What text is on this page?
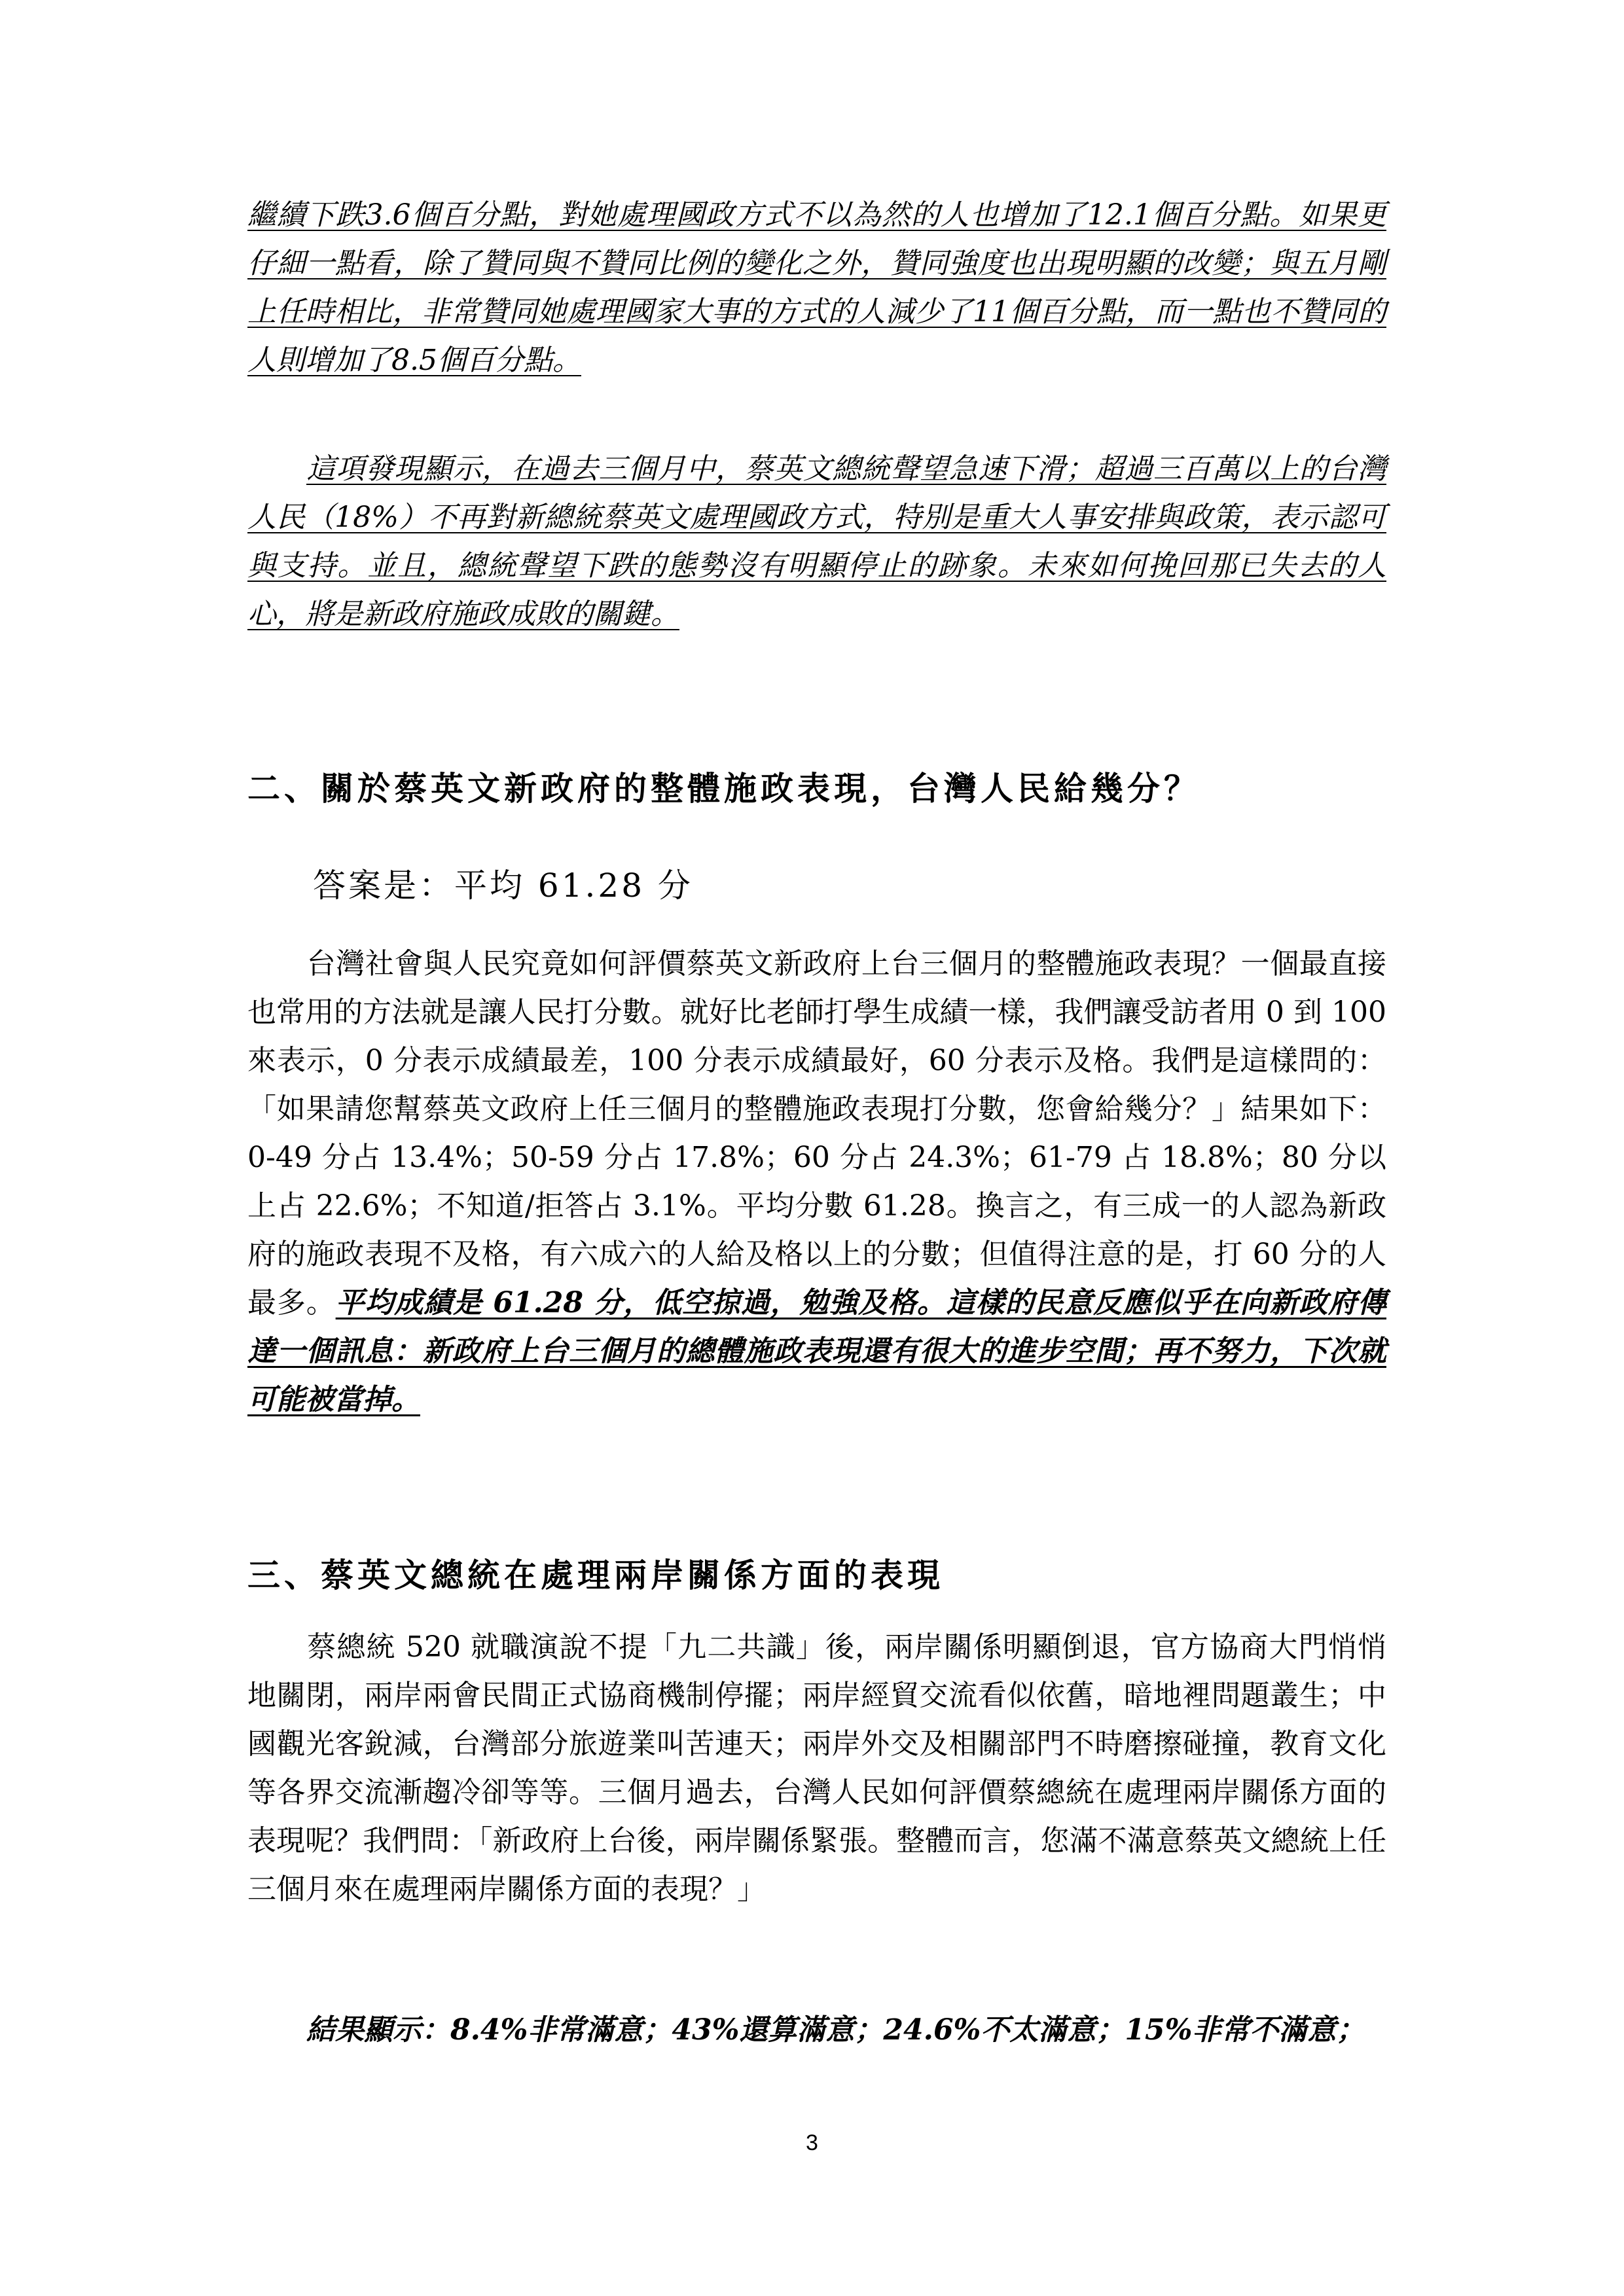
繼續下跌3.6個百分點，對她處理國政方式不以為然的人也增加了12.1個百分點。如果更仔細一點看，除了贊同與不贊同比例的變化之外，贊同強度也出現明顯的改變；與五月剛上任時相比，非常贊同她處理國家大事的方式的人減少了11個百分點，而一點也不贊同的人則增加了8.5個百分點。

這項發現顯示，在過去三個月中，蔡英文總統聲望急速下滑；超過三百萬以上的台灣人民（18%）不再對新總統蔡英文處理國政方式，特別是重大人事安排與政策，表示認可與支持。並且，總統聲望下跌的態勢沒有明顯停止的跡象。未來如何挽回那已失去的人心，將是新政府施政成敗的關鍵。

二、關於蔡英文新政府的整體施政表現，台灣人民給幾分？

答案是：平均 61.28 分

台灣社會與人民究竟如何評價蔡英文新政府上台三個月的整體施政表現？一個最直接也常用的方法就是讓人民打分數。就好比老師打學生成績一樣，我們讓受訪者用 0 到 100 來表示，0 分表示成績最差，100 分表示成績最好，60 分表示及格。我們是這樣問的：「如果請您幫蔡英文政府上任三個月的整體施政表現打分數，您會給幾分？」結果如下：0-49 分占 13.4%；50-59 分占 17.8%；60 分占 24.3%；61-79 占 18.8%；80 分以上占 22.6%；不知道/拒答占 3.1%。平均分數 61.28。換言之，有三成一的人認為新政府的施政表現不及格，有六成六的人給及格以上的分數；但值得注意的是，打 60 分的人最多。平均成績是 61.28 分，低空掠過，勉強及格。這樣的民意反應似乎在向新政府傳達一個訊息：新政府上台三個月的總體施政表現還有很大的進步空間；再不努力，下次就可能被當掉。

三、蔡英文總統在處理兩岸關係方面的表現

蔡總統 520 就職演說不提「九二共識」後，兩岸關係明顯倒退，官方協商大門悄悄地關閉，兩岸兩會民間正式協商機制停擺；兩岸經貿交流看似依舊，暗地裡問題叢生；中國觀光客銳減，台灣部分旅遊業叫苦連天；兩岸外交及相關部門不時磨擦碰撞，教育文化等各界交流漸趨冷卻等等。三個月過去，台灣人民如何評價蔡總統在處理兩岸關係方面的表現呢？我們問：「新政府上台後，兩岸關係緊張。整體而言，您滿不滿意蔡英文總統上任三個月來在處理兩岸關係方面的表現？」

結果顯示：8.4%非常滿意；43%還算滿意；24.6%不太滿意；15%非常不滿意；

3
